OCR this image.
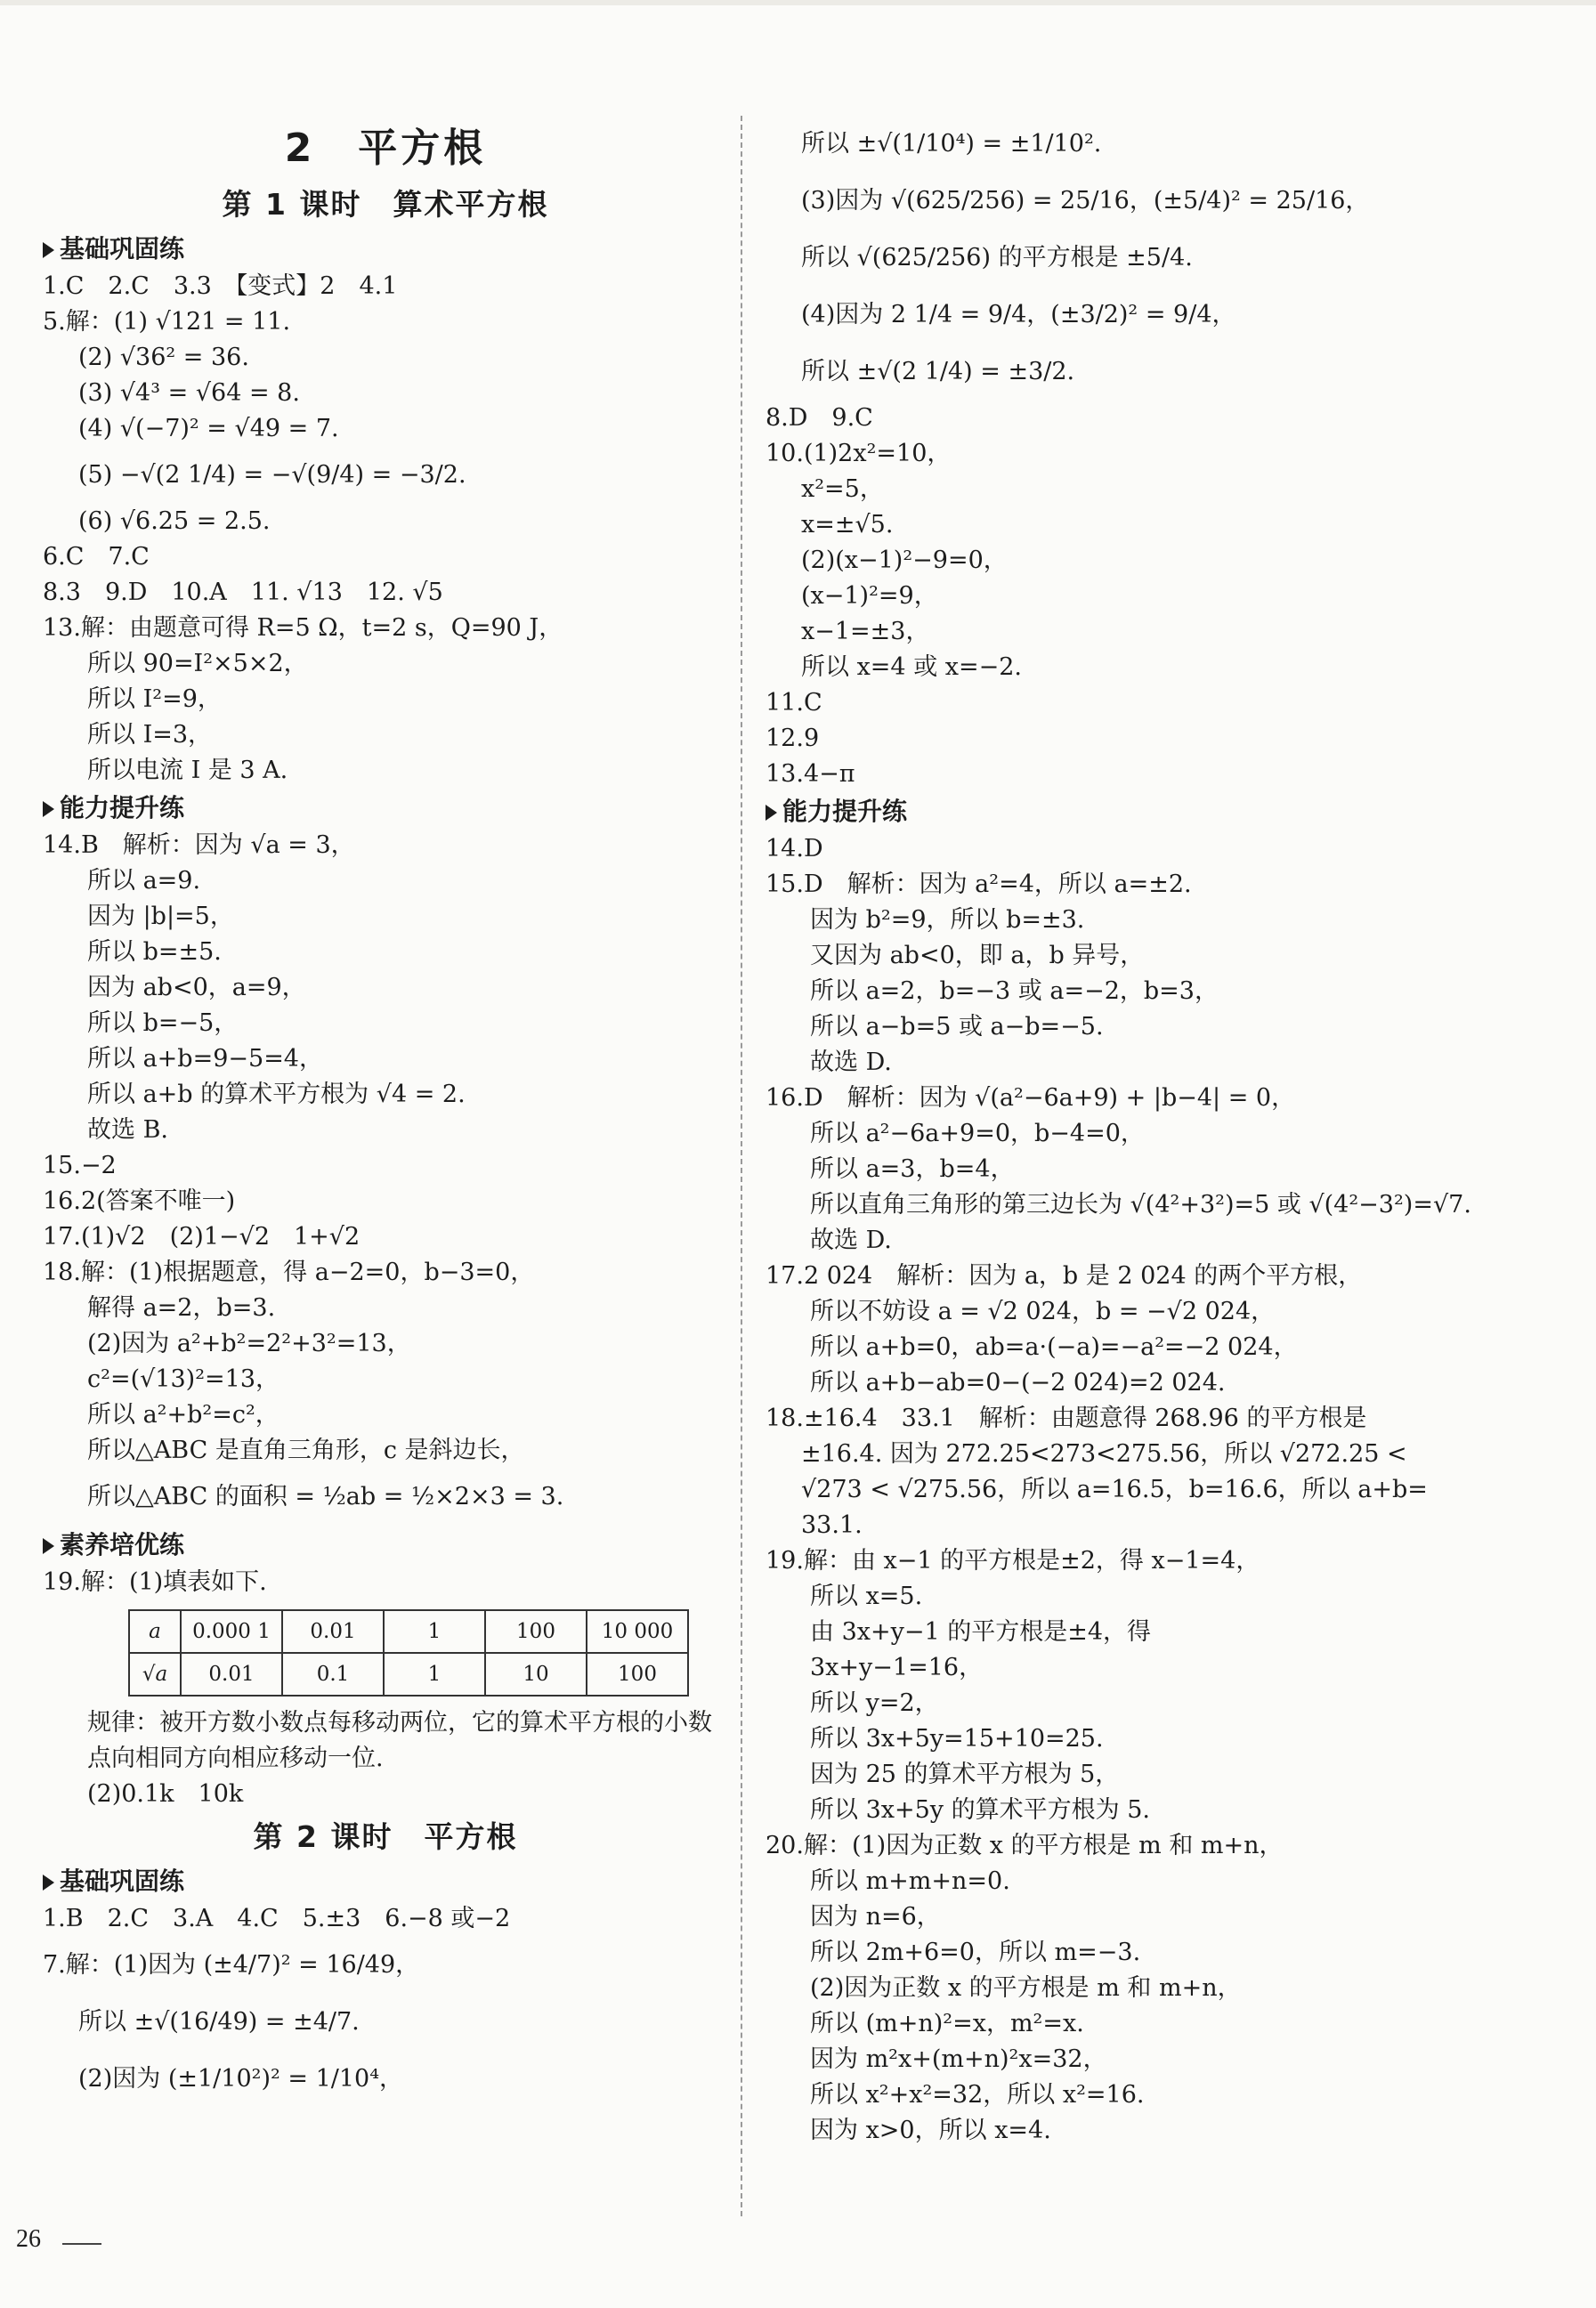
2　平方根
第 1 课时　算术平方根
基础巩固练
1.C　2.C　3.3　【变式】2　4.1
5.解：(1) √121 = 11.
(2) √36² = 36.
(3) √4³ = √64 = 8.
(4) √(−7)² = √49 = 7.
(5) −√(2 1/4) = −√(9/4) = −3/2.
(6) √6.25 = 2.5.
6.C　7.C
8.3　9.D　10.A　11. √13　12. √5
13.解：由题意可得 R=5 Ω，t=2 s，Q=90 J，
所以 90=I²×5×2，
所以 I²=9，
所以 I=3，
所以电流 I 是 3 A.
能力提升练
14.B　解析：因为 √a = 3，
所以 a=9.
因为 |b|=5，
所以 b=±5.
因为 ab<0，a=9，
所以 b=−5，
所以 a+b=9−5=4，
所以 a+b 的算术平方根为 √4 = 2.
故选 B.
15.−2
16.2(答案不唯一)
17.(1)√2　(2)1−√2　1+√2
18.解：(1)根据题意，得 a−2=0，b−3=0，
解得 a=2，b=3.
(2)因为 a²+b²=2²+3²=13，
c²=(√13)²=13，
所以 a²+b²=c²，
所以△ABC 是直角三角形，c 是斜边长，
所以△ABC 的面积 = ½ab = ½×2×3 = 3.
素养培优练
19.解：(1)填表如下.
a	0.000 1	0.01	1	100	10 000
√a	0.01	0.1	1	10	100
规律：被开方数小数点每移动两位，它的算术平方根的小数
点向相同方向相应移动一位.
(2)0.1k　10k
第 2 课时　平方根
基础巩固练
1.B　2.C　3.A　4.C　5.±3　6.−8 或−2
7.解：(1)因为 (±4/7)² = 16/49，
所以 ±√(16/49) = ±4/7.
(2)因为 (±1/10²)² = 1/10⁴，
所以 ±√(1/10⁴) = ±1/10².
(3)因为 √(625/256) = 25/16，(±5/4)² = 25/16，
所以 √(625/256) 的平方根是 ±5/4.
(4)因为 2 1/4 = 9/4，(±3/2)² = 9/4，
所以 ±√(2 1/4) = ±3/2.
8.D　9.C
10.(1)2x²=10，
x²=5，
x=±√5.
(2)(x−1)²−9=0，
(x−1)²=9，
x−1=±3，
所以 x=4 或 x=−2.
11.C
12.9
13.4−π
能力提升练
14.D
15.D　解析：因为 a²=4，所以 a=±2.
因为 b²=9，所以 b=±3.
又因为 ab<0，即 a，b 异号，
所以 a=2，b=−3 或 a=−2，b=3，
所以 a−b=5 或 a−b=−5.
故选 D.
16.D　解析：因为 √(a²−6a+9) + |b−4| = 0，
所以 a²−6a+9=0，b−4=0，
所以 a=3，b=4，
所以直角三角形的第三边长为 √(4²+3²)=5 或 √(4²−3²)=√7.
故选 D.
17.2 024　解析：因为 a，b 是 2 024 的两个平方根，
所以不妨设 a = √2 024，b = −√2 024，
所以 a+b=0，ab=a·(−a)=−a²=−2 024，
所以 a+b−ab=0−(−2 024)=2 024.
18.±16.4　33.1　解析：由题意得 268.96 的平方根是
±16.4. 因为 272.25<273<275.56，所以 √272.25 <
√273 < √275.56，所以 a=16.5，b=16.6，所以 a+b=
33.1.
19.解：由 x−1 的平方根是±2，得 x−1=4，
所以 x=5.
由 3x+y−1 的平方根是±4，得
3x+y−1=16，
所以 y=2，
所以 3x+5y=15+10=25.
因为 25 的算术平方根为 5，
所以 3x+5y 的算术平方根为 5.
20.解：(1)因为正数 x 的平方根是 m 和 m+n，
所以 m+m+n=0.
因为 n=6，
所以 2m+6=0，所以 m=−3.
(2)因为正数 x 的平方根是 m 和 m+n，
所以 (m+n)²=x，m²=x.
因为 m²x+(m+n)²x=32，
所以 x²+x²=32，所以 x²=16.
因为 x>0，所以 x=4.
26
